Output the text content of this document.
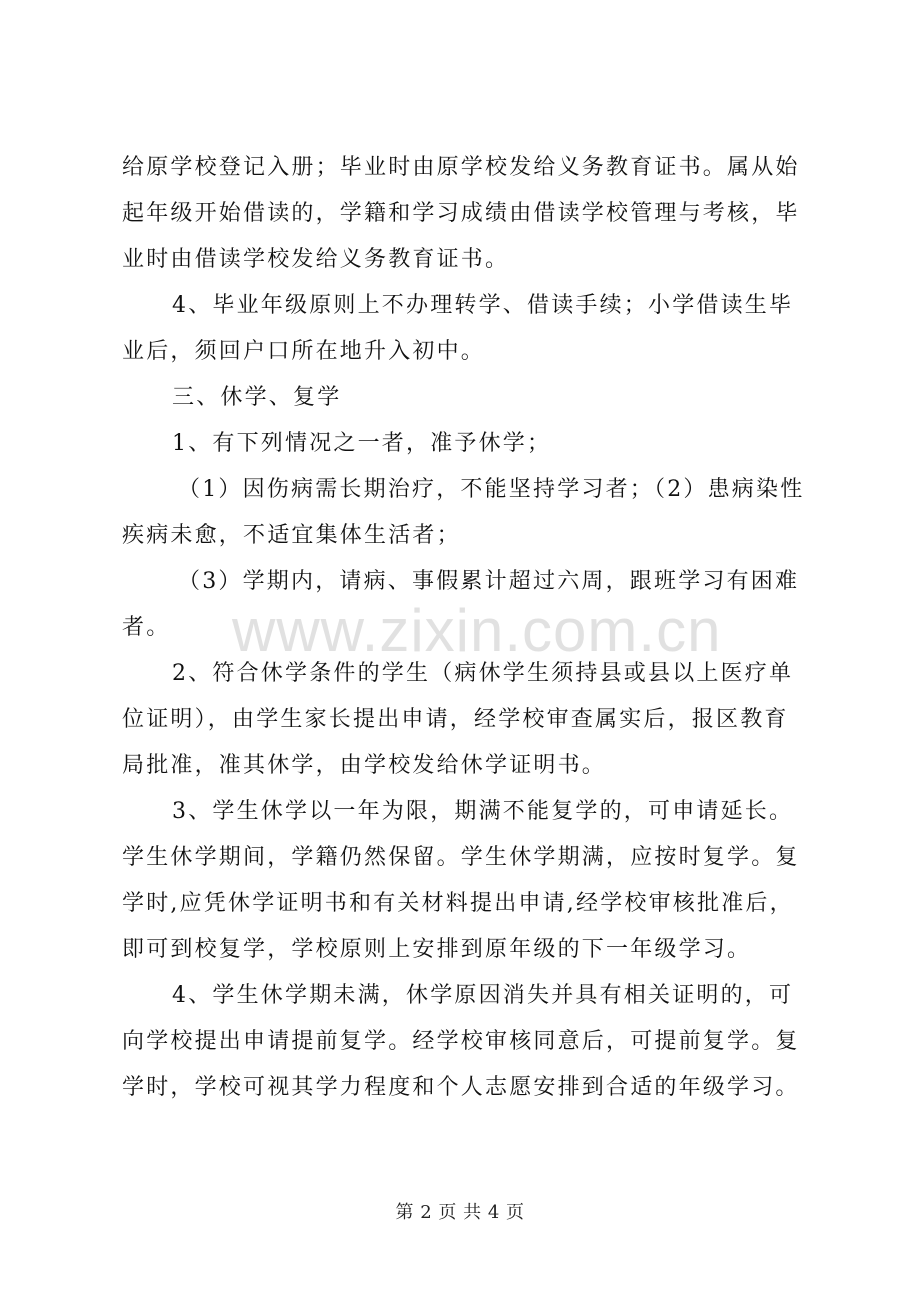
给原学校登记入册；毕业时由原学校发给义务教育证书。属从始
起年级开始借读的，学籍和学习成绩由借读学校管理与考核，毕
业时由借读学校发给义务教育证书。
4、毕业年级原则上不办理转学、借读手续；小学借读生毕
业后，须回户口所在地升入初中。
三、休学、复学
1、有下列情况之一者，准予休学；
（1）因伤病需长期治疗，不能坚持学习者；（2）患病染性
疾病未愈，不适宜集体生活者；
（3）学期内，请病、事假累计超过六周，跟班学习有困难
者。
2、符合休学条件的学生（病休学生须持县或县以上医疗单
位证明），由学生家长提出申请，经学校审查属实后，报区教育
局批准，准其休学，由学校发给休学证明书。
3、学生休学以一年为限，期满不能复学的，可申请延长。
学生休学期间，学籍仍然保留。学生休学期满，应按时复学。复
学时,应凭休学证明书和有关材料提出申请,经学校审核批准后，
即可到校复学，学校原则上安排到原年级的下一年级学习。
4、学生休学期未满，休学原因消失并具有相关证明的，可
向学校提出申请提前复学。经学校审核同意后，可提前复学。复
学时，学校可视其学力程度和个人志愿安排到合适的年级学习。
www.zixin.com.cn
第 2 页 共 4 页
